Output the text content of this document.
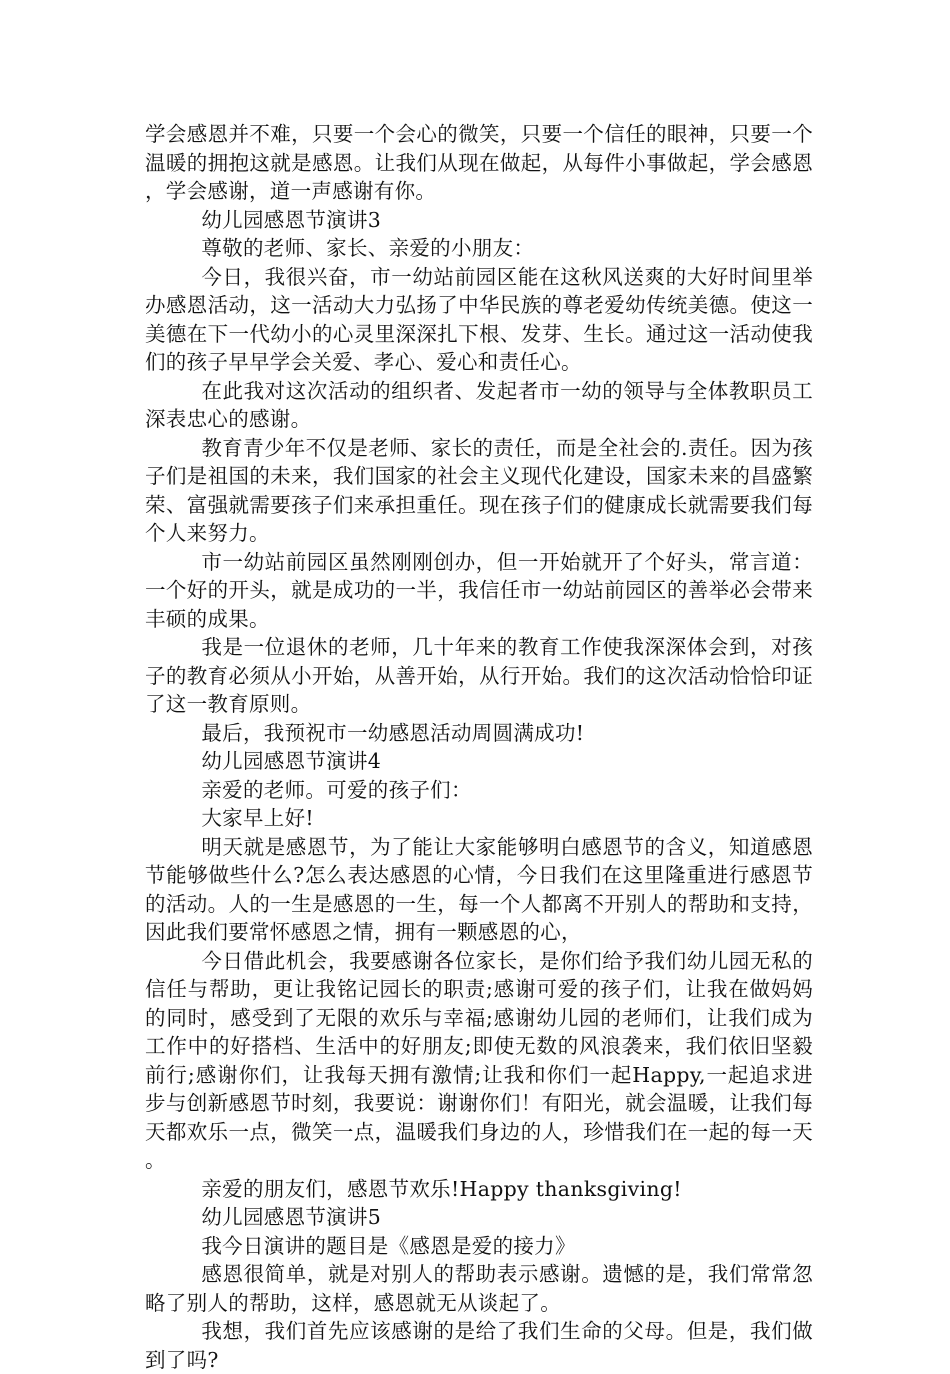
学会感恩并不难，只要一个会心的微笑，只要一个信任的眼神，只要一个温暖的拥抱这就是感恩。让我们从现在做起，从每件小事做起，学会感恩，学会感谢，道一声感谢有你。

幼儿园感恩节演讲3

尊敬的老师、家长、亲爱的小朋友：

今日，我很兴奋，市一幼站前园区能在这秋风送爽的大好时间里举办感恩活动，这一活动大力弘扬了中华民族的尊老爱幼传统美德。使这一美德在下一代幼小的心灵里深深扎下根、发芽、生长。通过这一活动使我们的孩子早早学会关爱、孝心、爱心和责任心。

在此我对这次活动的组织者、发起者市一幼的领导与全体教职员工深表忠心的感谢。

教育青少年不仅是老师、家长的责任，而是全社会的.责任。因为孩子们是祖国的未来，我们国家的社会主义现代化建设，国家未来的昌盛繁荣、富强就需要孩子们来承担重任。现在孩子们的健康成长就需要我们每个人来努力。

市一幼站前园区虽然刚刚创办，但一开始就开了个好头，常言道：一个好的开头，就是成功的一半，我信任市一幼站前园区的善举必会带来丰硕的成果。

我是一位退休的老师，几十年来的教育工作使我深深体会到，对孩子的教育必须从小开始，从善开始，从行开始。我们的这次活动恰恰印证了这一教育原则。

最后，我预祝市一幼感恩活动周圆满成功!

幼儿园感恩节演讲4

亲爱的老师。可爱的孩子们：

大家早上好!

明天就是感恩节，为了能让大家能够明白感恩节的含义，知道感恩节能够做些什么?怎么表达感恩的心情，今日我们在这里隆重进行感恩节的活动。人的一生是感恩的一生，每一个人都离不开别人的帮助和支持，因此我们要常怀感恩之情，拥有一颗感恩的心，

今日借此机会，我要感谢各位家长，是你们给予我们幼儿园无私的信任与帮助，更让我铭记园长的职责;感谢可爱的孩子们，让我在做妈妈的同时，感受到了无限的欢乐与幸福;感谢幼儿园的老师们，让我们成为工作中的好搭档、生活中的好朋友;即使无数的风浪袭来，我们依旧坚毅前行;感谢你们，让我每天拥有激情;让我和你们一起Happy,一起追求进步与创新感恩节时刻，我要说：谢谢你们！有阳光，就会温暖，让我们每天都欢乐一点，微笑一点，温暖我们身边的人，珍惜我们在一起的每一天。

亲爱的朋友们，感恩节欢乐!Happy thanksgiving!

幼儿园感恩节演讲5

我今日演讲的题目是《感恩是爱的接力》

感恩很简单，就是对别人的帮助表示感谢。遗憾的是，我们常常忽略了别人的帮助，这样，感恩就无从谈起了。

我想，我们首先应该感谢的是给了我们生命的父母。但是，我们做到了吗?
